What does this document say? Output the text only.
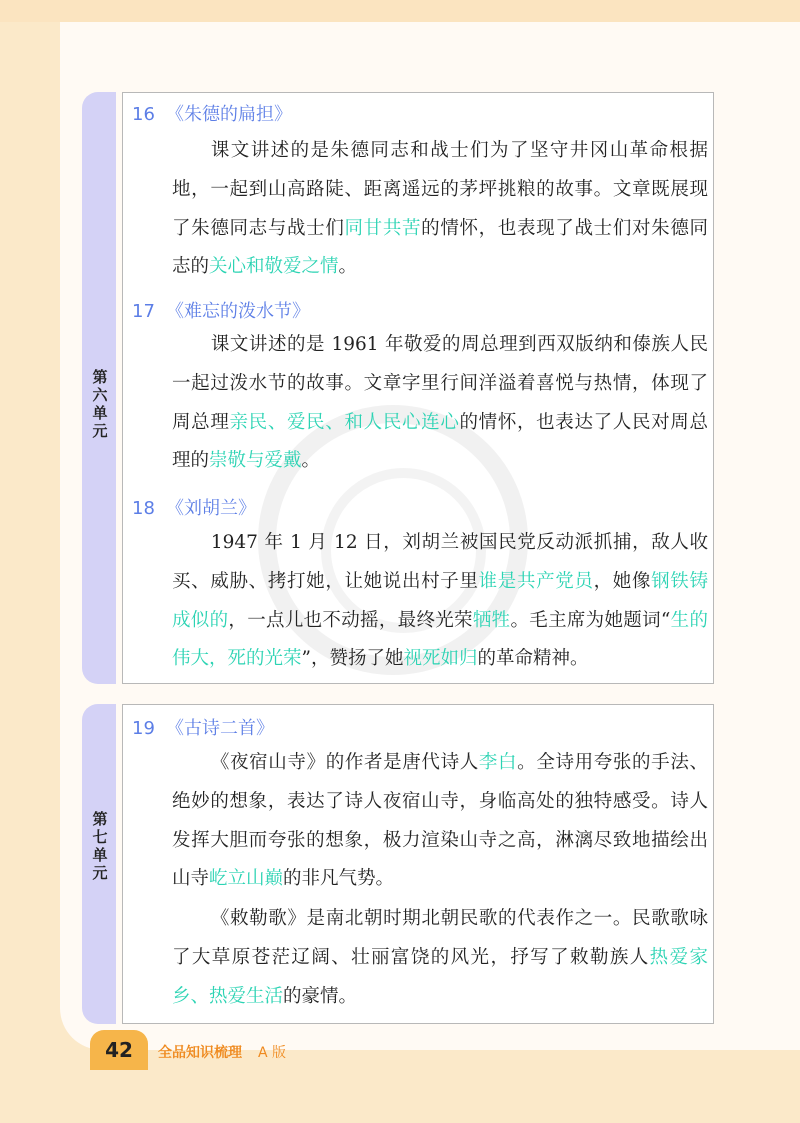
第
六
单
元
第
七
单
元
16 《朱德的扁担》

课文讲述的是朱德同志和战士们为了坚守井冈山革命根据地，一起到山高路陡、距离遥远的茅坪挑粮的故事。文章既展现了朱德同志与战士们同甘共苦的情怀，也表现了战士们对朱德同志的关心和敬爱之情。

17 《难忘的泼水节》

课文讲述的是 1961 年敬爱的周总理到西双版纳和傣族人民一起过泼水节的故事。文章字里行间洋溢着喜悦与热情，体现了周总理亲民、爱民、和人民心连心的情怀，也表达了人民对周总理的崇敬与爱戴。

18 《刘胡兰》

1947 年 1 月 12 日，刘胡兰被国民党反动派抓捕，敌人收买、威胁、拷打她，让她说出村子里谁是共产党员，她像钢铁铸成似的，一点儿也不动摇，最终光荣牺牲。毛主席为她题词“生的伟大，死的光荣”，赞扬了她视死如归的革命精神。

19 《古诗二首》

《夜宿山寺》的作者是唐代诗人李白。全诗用夸张的手法、绝妙的想象，表达了诗人夜宿山寺，身临高处的独特感受。诗人发挥大胆而夸张的想象，极力渲染山寺之高，淋漓尽致地描绘出山寺屹立山巅的非凡气势。

《敕勒歌》是南北朝时期北朝民歌的代表作之一。民歌歌咏了大草原苍茫辽阔、壮丽富饶的风光，抒写了敕勒族人热爱家乡、热爱生活的豪情。

42	全品知识梳理 A 版
